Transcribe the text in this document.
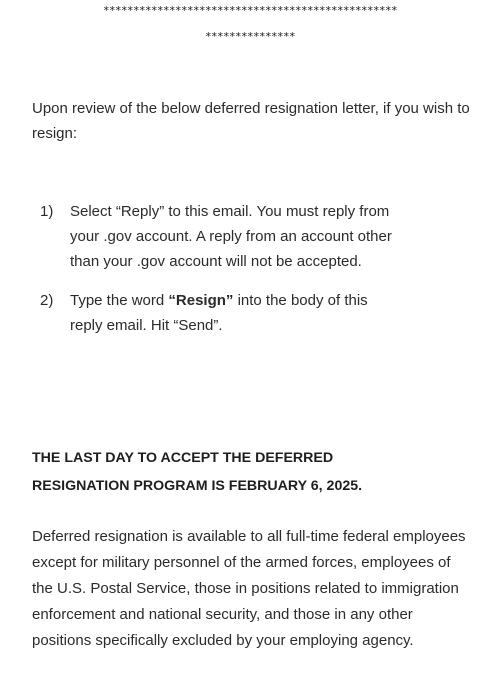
*************************************************
***************

Upon review of the below deferred resignation letter, if you wish to resign:

1)	Select “Reply” to this email. You must reply from your .gov account. A reply from an account other than your .gov account will not be accepted.
2)	Type the word “Resign” into the body of this reply email. Hit “Send”.

THE LAST DAY TO ACCEPT THE DEFERRED
RESIGNATION PROGRAM IS FEBRUARY 6, 2025.

Deferred resignation is available to all full-time federal employees except for military personnel of the armed forces, employees of the U.S. Postal Service, those in positions related to immigration enforcement and national security, and those in any other positions specifically excluded by your employing agency.
